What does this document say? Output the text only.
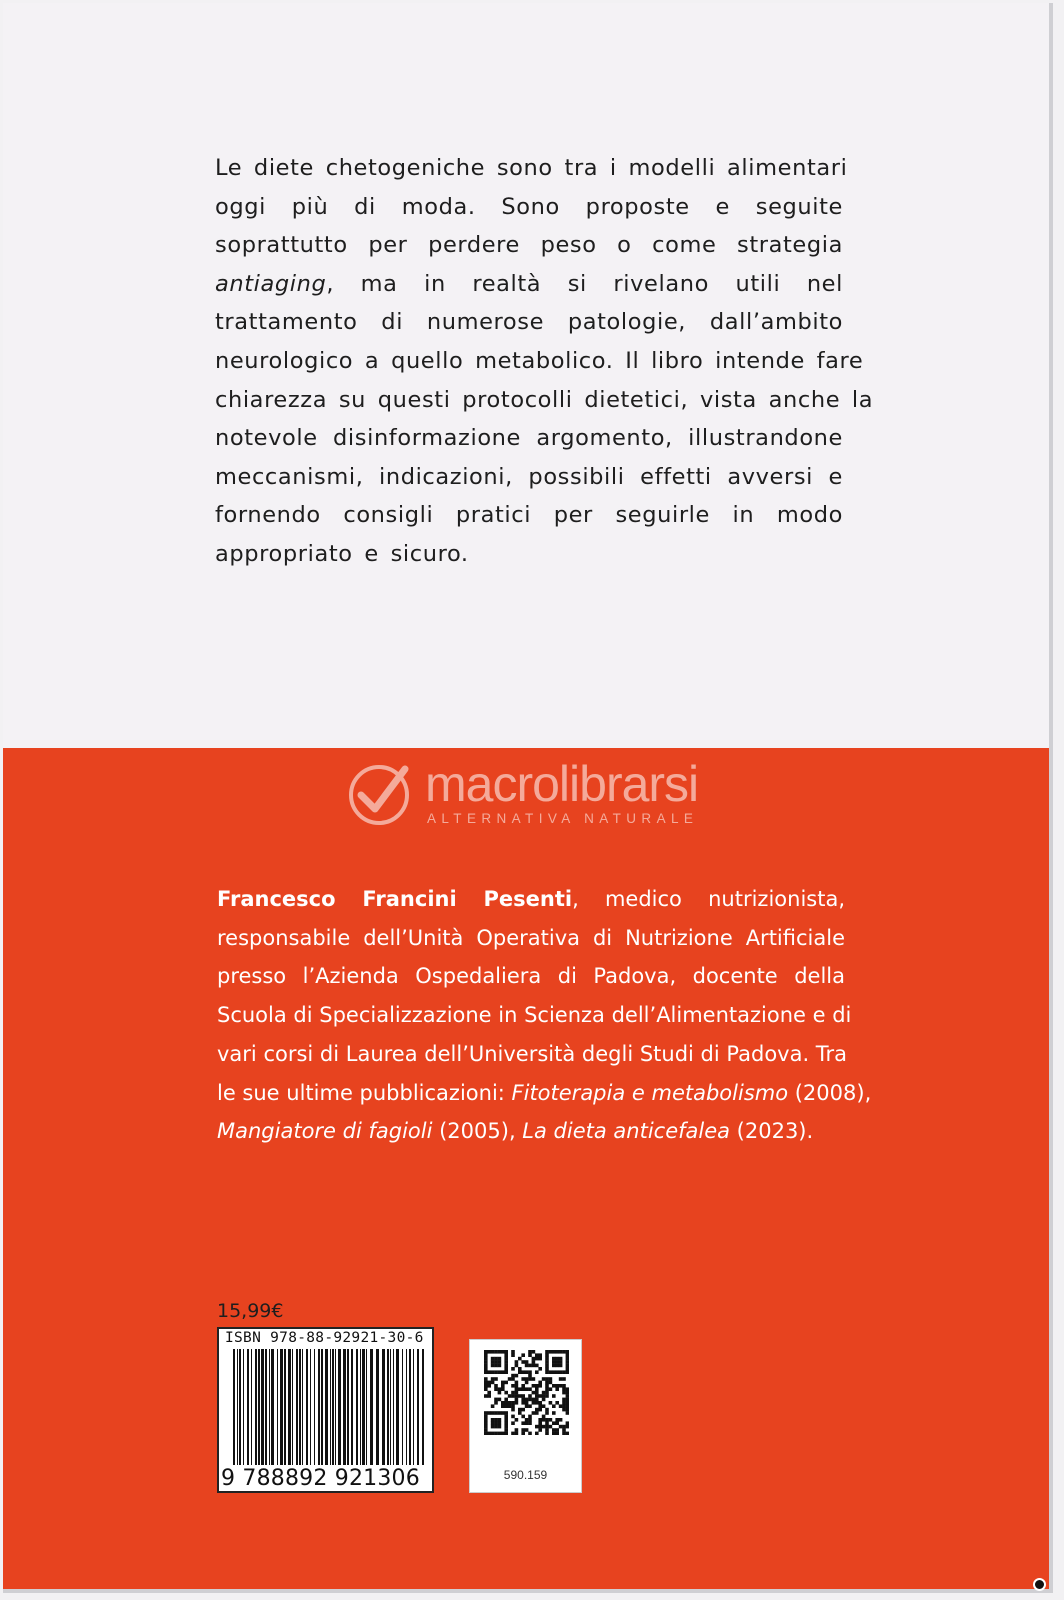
Le diete chetogeniche sono tra i modelli alimentari
oggi più di moda. Sono proposte e seguite
soprattutto per perdere peso o come strategia
antiaging, ma in realtà si rivelano utili nel
trattamento di numerose patologie, dall’ambito
neurologico a quello metabolico. Il libro intende fare
chiarezza su questi protocolli dietetici, vista anche la
notevole disinformazione argomento, illustrandone
meccanismi, indicazioni, possibili effetti avversi e
fornendo consigli pratici per seguirle in modo
appropriato e sicuro.
macrolibrarsi
ALTERNATIVA NATURALE
Francesco Francini Pesenti, medico nutrizionista,
responsabile dell’Unità Operativa di Nutrizione Artificiale
presso l’Azienda Ospedaliera di Padova, docente della
Scuola di Specializzazione in Scienza dell’Alimentazione e di
vari corsi di Laurea dell’Università degli Studi di Padova. Tra
le sue ultime pubblicazioni: Fitoterapia e metabolismo (2008),
Mangiatore di fagioli (2005), La dieta anticefalea (2023).
15,99€
ISBN 978-88-92921-30-6
9 788892 921306	590.159
